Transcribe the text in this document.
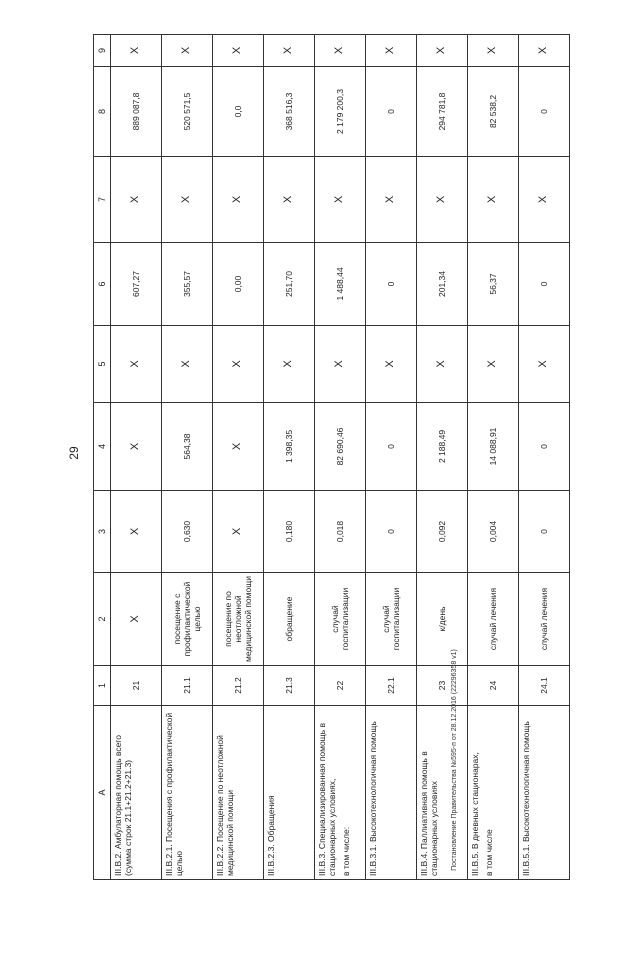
29
А	1	2	3	4	5	6	7	8	9

III.В.2. Амбулаторная помощь всего (сумма строк 21.1+21.2+21.3)	21	Х	Х	Х	Х	607,27	Х	889 087,8	Х

III.В.2.1. Посещения с профилактической целью	21.1	посещение с профилактической целью	0,630	564,38	Х	355,57	Х	520 571,5	Х

III.В.2.2. Посещение по неотложной медицинской помощи	21.2	посещение по неотложной медицинской помощи	Х	Х	Х	0,00	Х	0,0	Х

III.В.2.3. Обращения	21.3	обращение	0,180	1 398,35	Х	251,70	Х	368 516,3	Х

III.В.3. Специализированная помощь в стационарных условиях, в том числе:	22	случай госпитализации	0,018	82 690,46	Х	1 488,44	Х	2 179 200,3	Х

III.В.3.1. Высокотехнологичная помощь	22.1	случай госпитализации	0	0	Х	0	Х	0	Х

III.В.4. Паллиативная помощь в стационарных условиях	23	к/день	0,092	2 188,49	Х	201,34	Х	294 781,8	Х

III.В.5. В дневных стационарах, в том числе	24	случай лечения	0,004	14 088,91	Х	56,37	Х	82 538,2	Х

III.В.5.1. Высокотехнологичная помощь	24.1	случай лечения	0	0	Х	0	Х	0	Х
Постановление Правительства №595-п от 28.12.2016 (22296358 v1)
